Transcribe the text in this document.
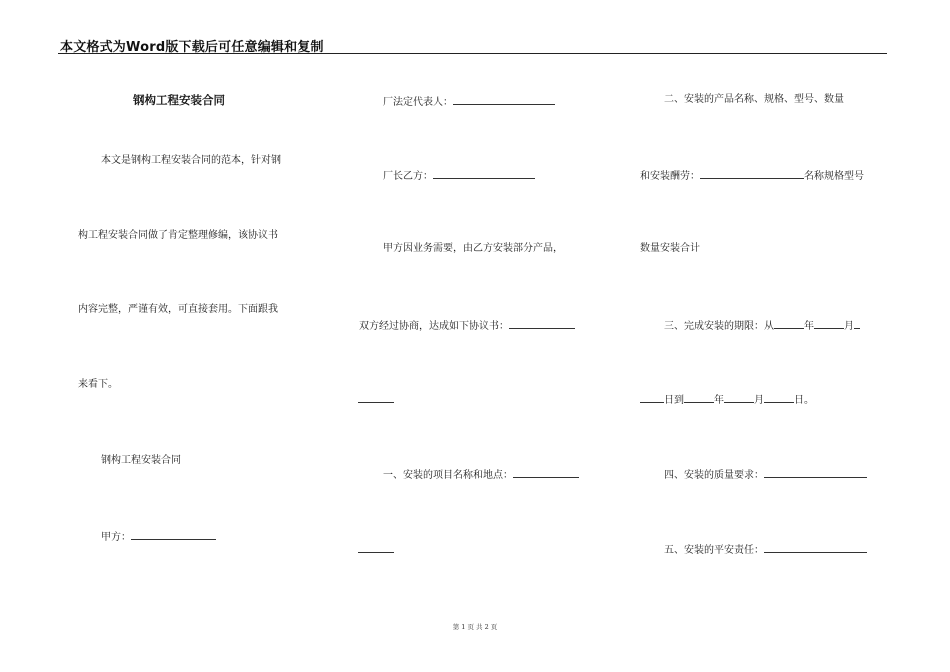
本文格式为Word版下载后可任意编辑和复制
钢构工程安装合同
本文是钢构工程安装合同的范本，针对钢
构工程安装合同做了肯定整理修编，该协议书
内容完整，严谨有效，可直接套用。下面跟我
来看下。
钢构工程安装合同
甲方：
厂法定代表人：
厂长乙方：
甲方因业务需要，由乙方安装部分产品，
双方经过协商，达成如下协议书：
一、安装的项目名称和地点：
二、安装的产品名称、规格、型号、数量
和安装酬劳：	名称规格型号
数量安装合计
三、完成安装的期限：从	年	月
日到	年	月	日。
四、安装的质量要求：
五、安装的平安责任：
第 1 页 共 2 页
